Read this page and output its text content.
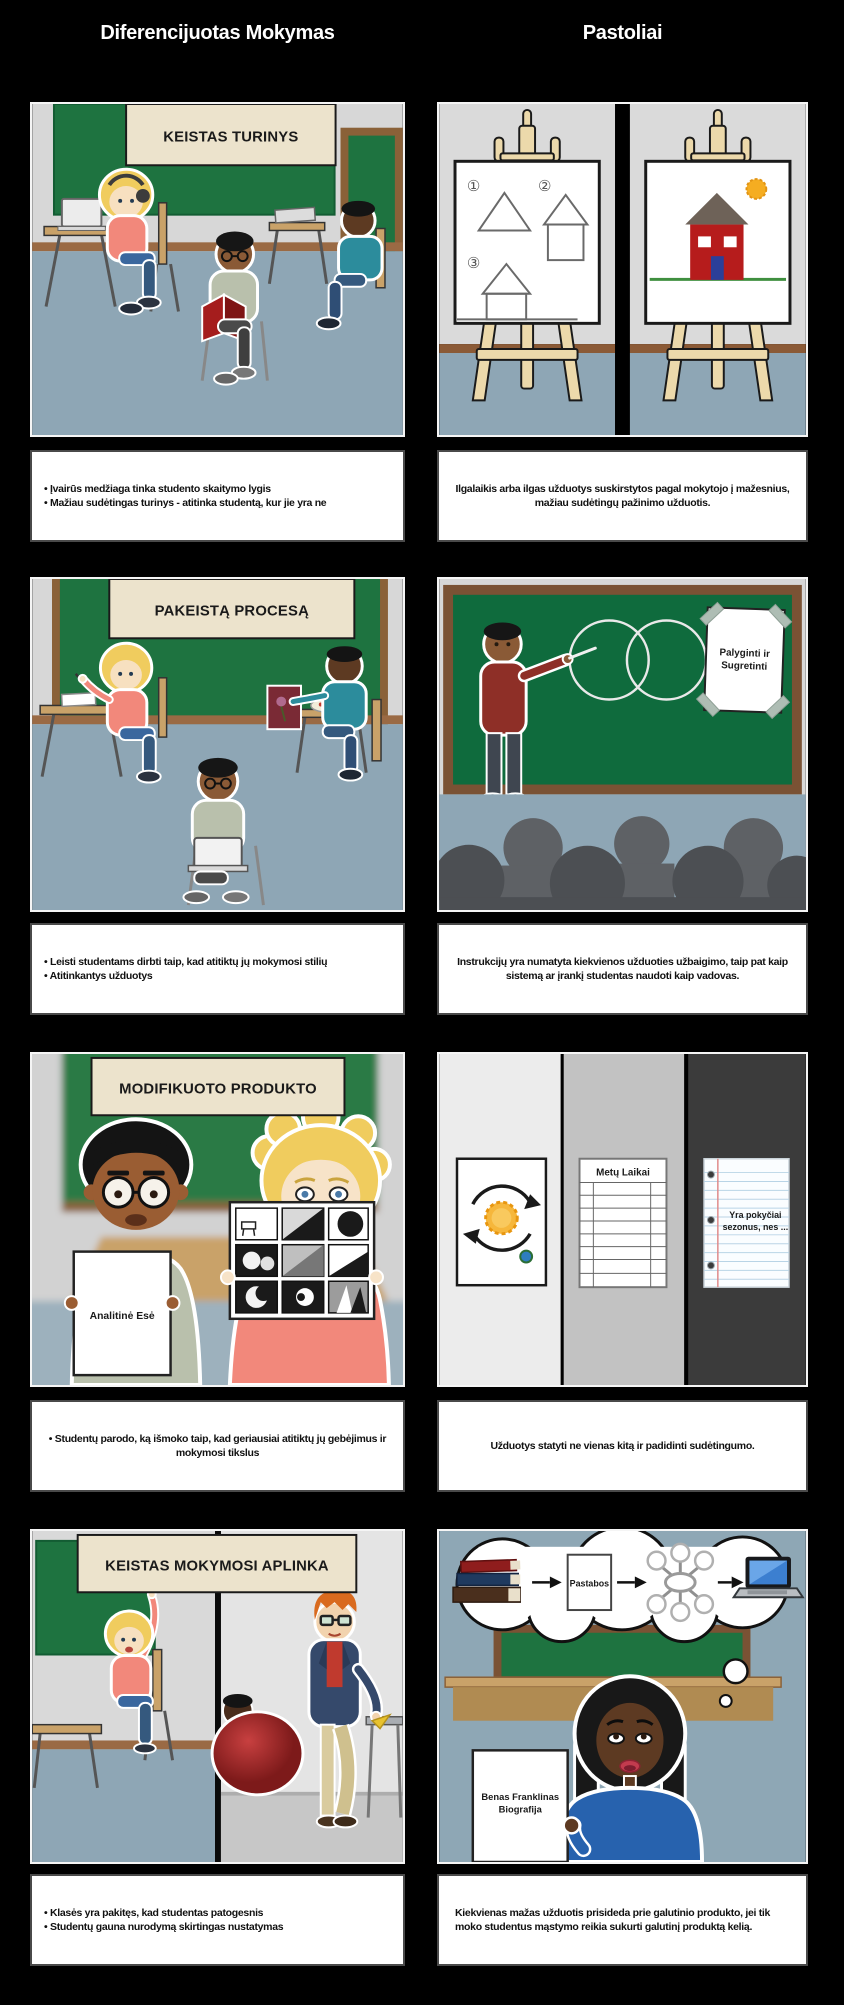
Diferencijuotas Mokymas	Pastoliai
KEISTAS TURINYS
①	②
③
PAKEISTĄ PROCESĄ
Palyginti ir
Sugretinti
Analitinė Esė
MODIFIKUOTO PRODUKTO
Metų Laikai
Yra pokyčiai
sezonus, nes ...
KEISTAS MOKYMOSI APLINKA
Pastabos
Benas Franklinas
Biografija
• Įvairūs medžiaga tinka studento skaitymo lygis
• Mažiau sudėtingas turinys - atitinka studentą, kur jie yra ne
Ilgalaikis arba ilgas užduotys suskirstytos pagal mokytojo į mažesnius, mažiau sudėtingų pažinimo užduotis.
• Leisti studentams dirbti taip, kad atitiktų jų mokymosi stilių
• Atitinkantys užduotys
Instrukcijų yra numatyta kiekvienos užduoties užbaigimo, taip pat kaip sistemą ar įrankį studentas naudoti kaip vadovas.
• Studentų parodo, ką išmoko taip, kad geriausiai atitiktų jų gebėjimus ir mokymosi tikslus
Užduotys statyti ne vienas kitą ir padidinti sudėtingumo.
• Klasės yra pakitęs, kad studentas patogesnis
• Studentų gauna nurodymą skirtingas nustatymas
Kiekvienas mažas užduotis prisideda prie galutinio produkto, jei tik moko studentus mąstymo reikia sukurti galutinį produktą kelią.
